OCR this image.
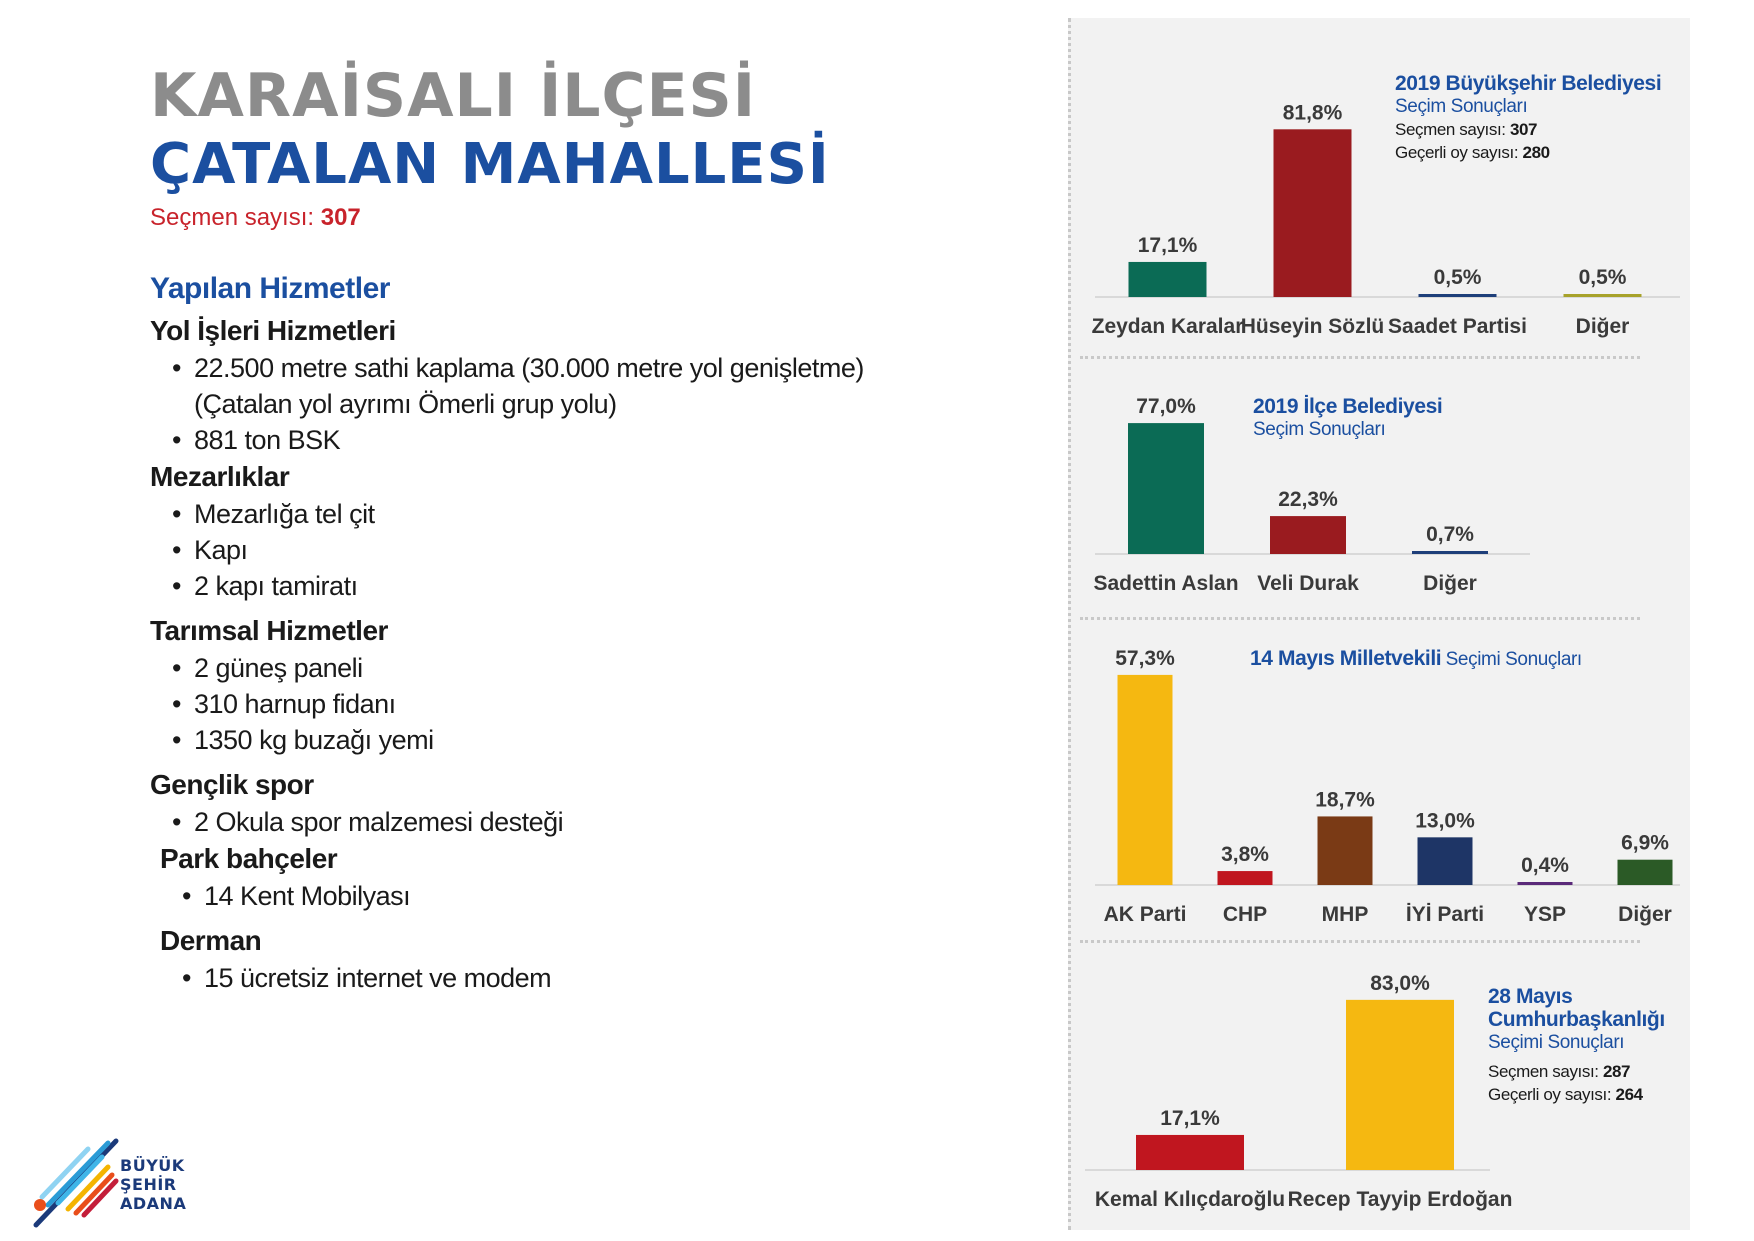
KARAİSALI İLÇESİ
ÇATALAN MAHALLESİ
Seçmen sayısı: 307
Yapılan Hizmetler
Yol İşleri Hizmetleri
• 22.500 metre sathi kaplama (30.000 metre yol genişletme)
(Çatalan yol ayrımı Ömerli grup yolu)
• 881 ton BSK
Mezarlıklar
• Mezarlığa tel çit
• Kapı
• 2 kapı tamiratı
Tarımsal Hizmetler
• 2 güneş paneli
• 310 harnup fidanı
• 1350 kg buzağı yemi
Gençlik spor
• 2 Okula spor malzemesi desteği
Park bahçeler
• 14 Kent Mobilyası
Derman
• 15 ücretsiz internet ve modem
BÜYÜK
ŞEHİR
ADANA
17,1%
Zeydan Karalar
81,8%
Hüseyin Sözlü
0,5%
Saadet Partisi
0,5%
Diğer
2019 Büyükşehir Belediyesi
Seçim Sonuçları
Seçmen sayısı: 307
Geçerli oy sayısı: 280
77,0%
Sadettin Aslan
22,3%
Veli Durak
0,7%
Diğer
2019 İlçe Belediyesi
Seçim Sonuçları
57,3%
AK Parti
3,8%
CHP
18,7%
MHP
13,0%
İYİ Parti
0,4%
YSP
6,9%
Diğer
14 Mayıs Milletvekili Seçimi Sonuçları
17,1%
Kemal Kılıçdaroğlu
83,0%
Recep Tayyip Erdoğan
28 Mayıs Cumhurbaşkanlığı
Seçimi Sonuçları
Seçmen sayısı: 287
Geçerli oy sayısı: 264
